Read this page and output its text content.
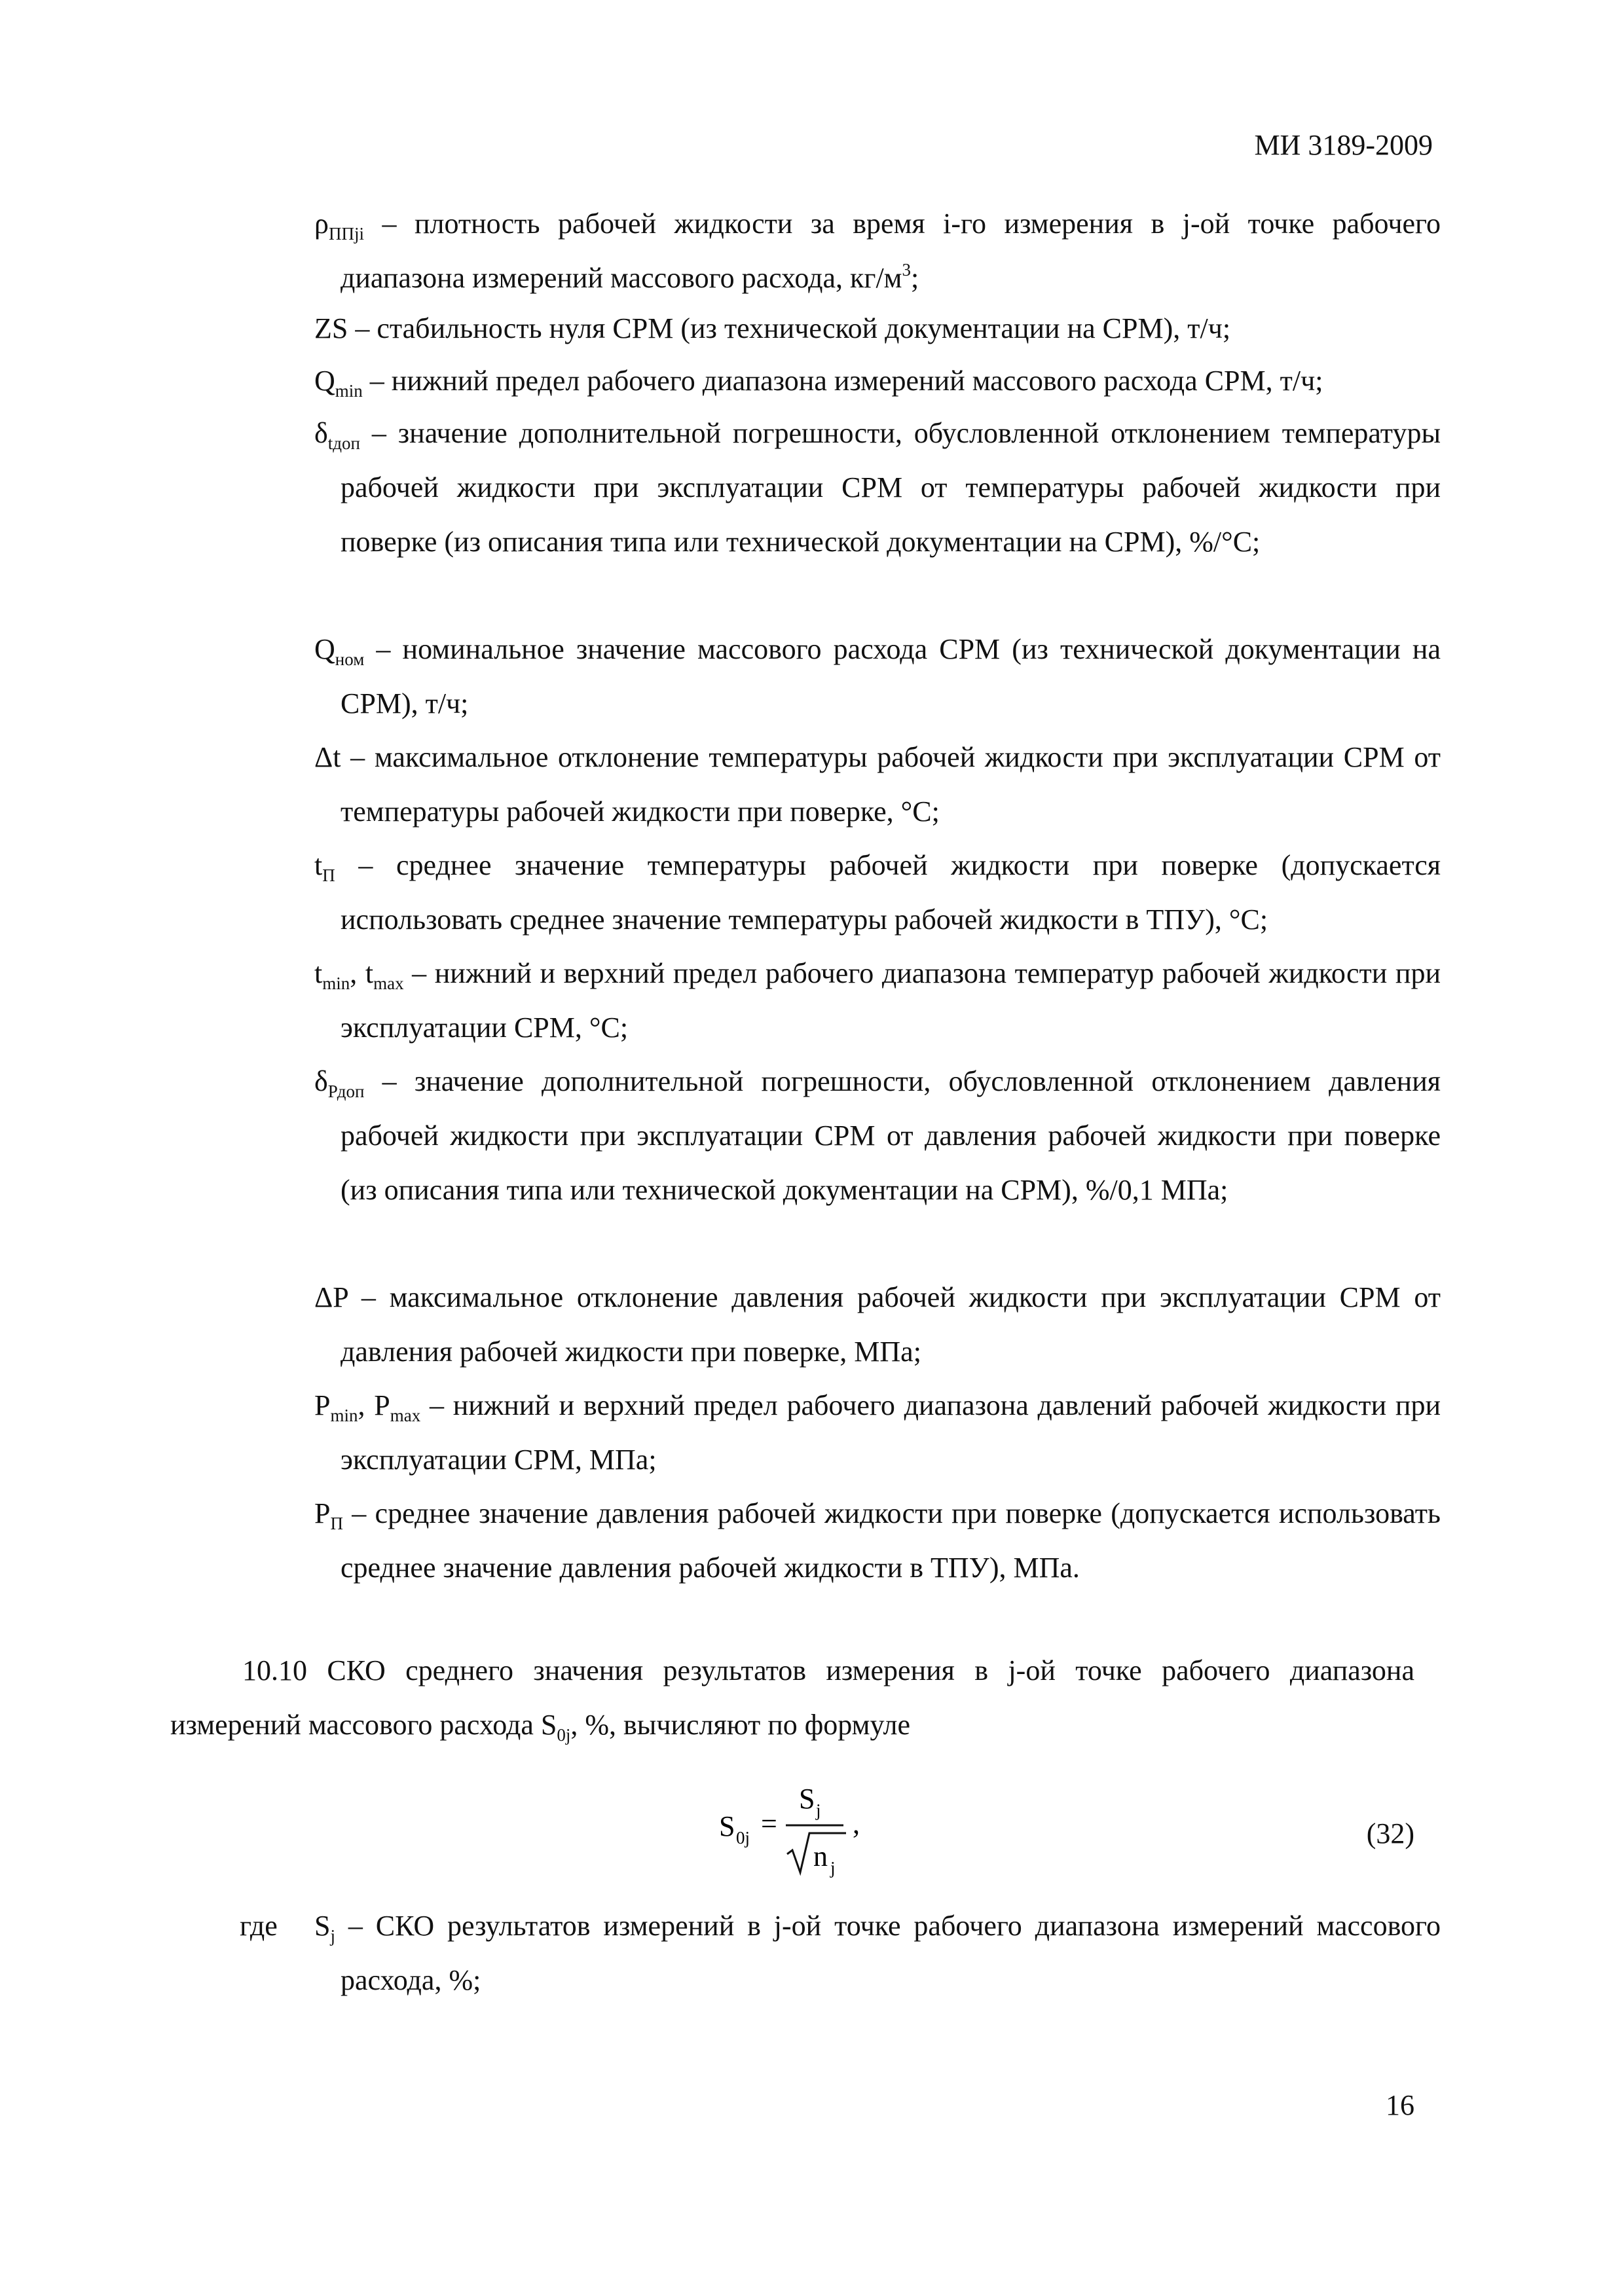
МИ 3189-2009
$\rho_{ППji}$ – плотность рабочей жидкости за время i-го измерения в j-ой точке рабочего диапазона измерений массового расхода, $кг/м^3$;
ZS – стабильность нуля СРМ (из технической документации на СРМ), т/ч;
$Q_{min}$ – нижний предел рабочего диапазона измерений массового расхода СРМ, т/ч;
$\delta_{tдоп}$ – значение дополнительной погрешности, обусловленной отклонением температуры рабочей жидкости при эксплуатации СРМ от температуры рабочей жидкости при поверке (из описания типа или технической документации на СРМ), %/°С;
$Q_{ном}$ – номинальное значение массового расхода СРМ (из технической документации на СРМ), т/ч;
Δt – максимальное отклонение температуры рабочей жидкости при эксплуатации СРМ от температуры рабочей жидкости при поверке, °С;
$t_П$ – среднее значение температуры рабочей жидкости при поверке (допускается использовать среднее значение температуры рабочей жидкости в ТПУ), °С;
$t_{min}$, $t_{max}$ – нижний и верхний предел рабочего диапазона температур рабочей жидкости при эксплуатации СРМ, °С;
$\delta_{Рдоп}$ – значение дополнительной погрешности, обусловленной отклонением давления рабочей жидкости при эксплуатации СРМ от давления рабочей жидкости при поверке (из описания типа или технической документации на СРМ), %/0,1 МПа;
ΔP – максимальное отклонение давления рабочей жидкости при эксплуатации СРМ от давления рабочей жидкости при поверке, МПа;
$P_{min}$, $P_{max}$ – нижний и верхний предел рабочего диапазона давлений рабочей жидкости при эксплуатации СРМ, МПа;
$P_П$ – среднее значение давления рабочей жидкости при поверке (допускается использовать среднее значение давления рабочей жидкости в ТПУ), МПа.
10.10 СКО среднего значения результатов измерения в j-ой точке рабочего диапазона измерений массового расхода $S_{0j}$, %, вычисляют по формуле
S 0j =
S j
n j
,	(32)
где $S_j$ – СКО результатов измерений в j-ой точке рабочего диапазона измерений массового расхода, %;
16
